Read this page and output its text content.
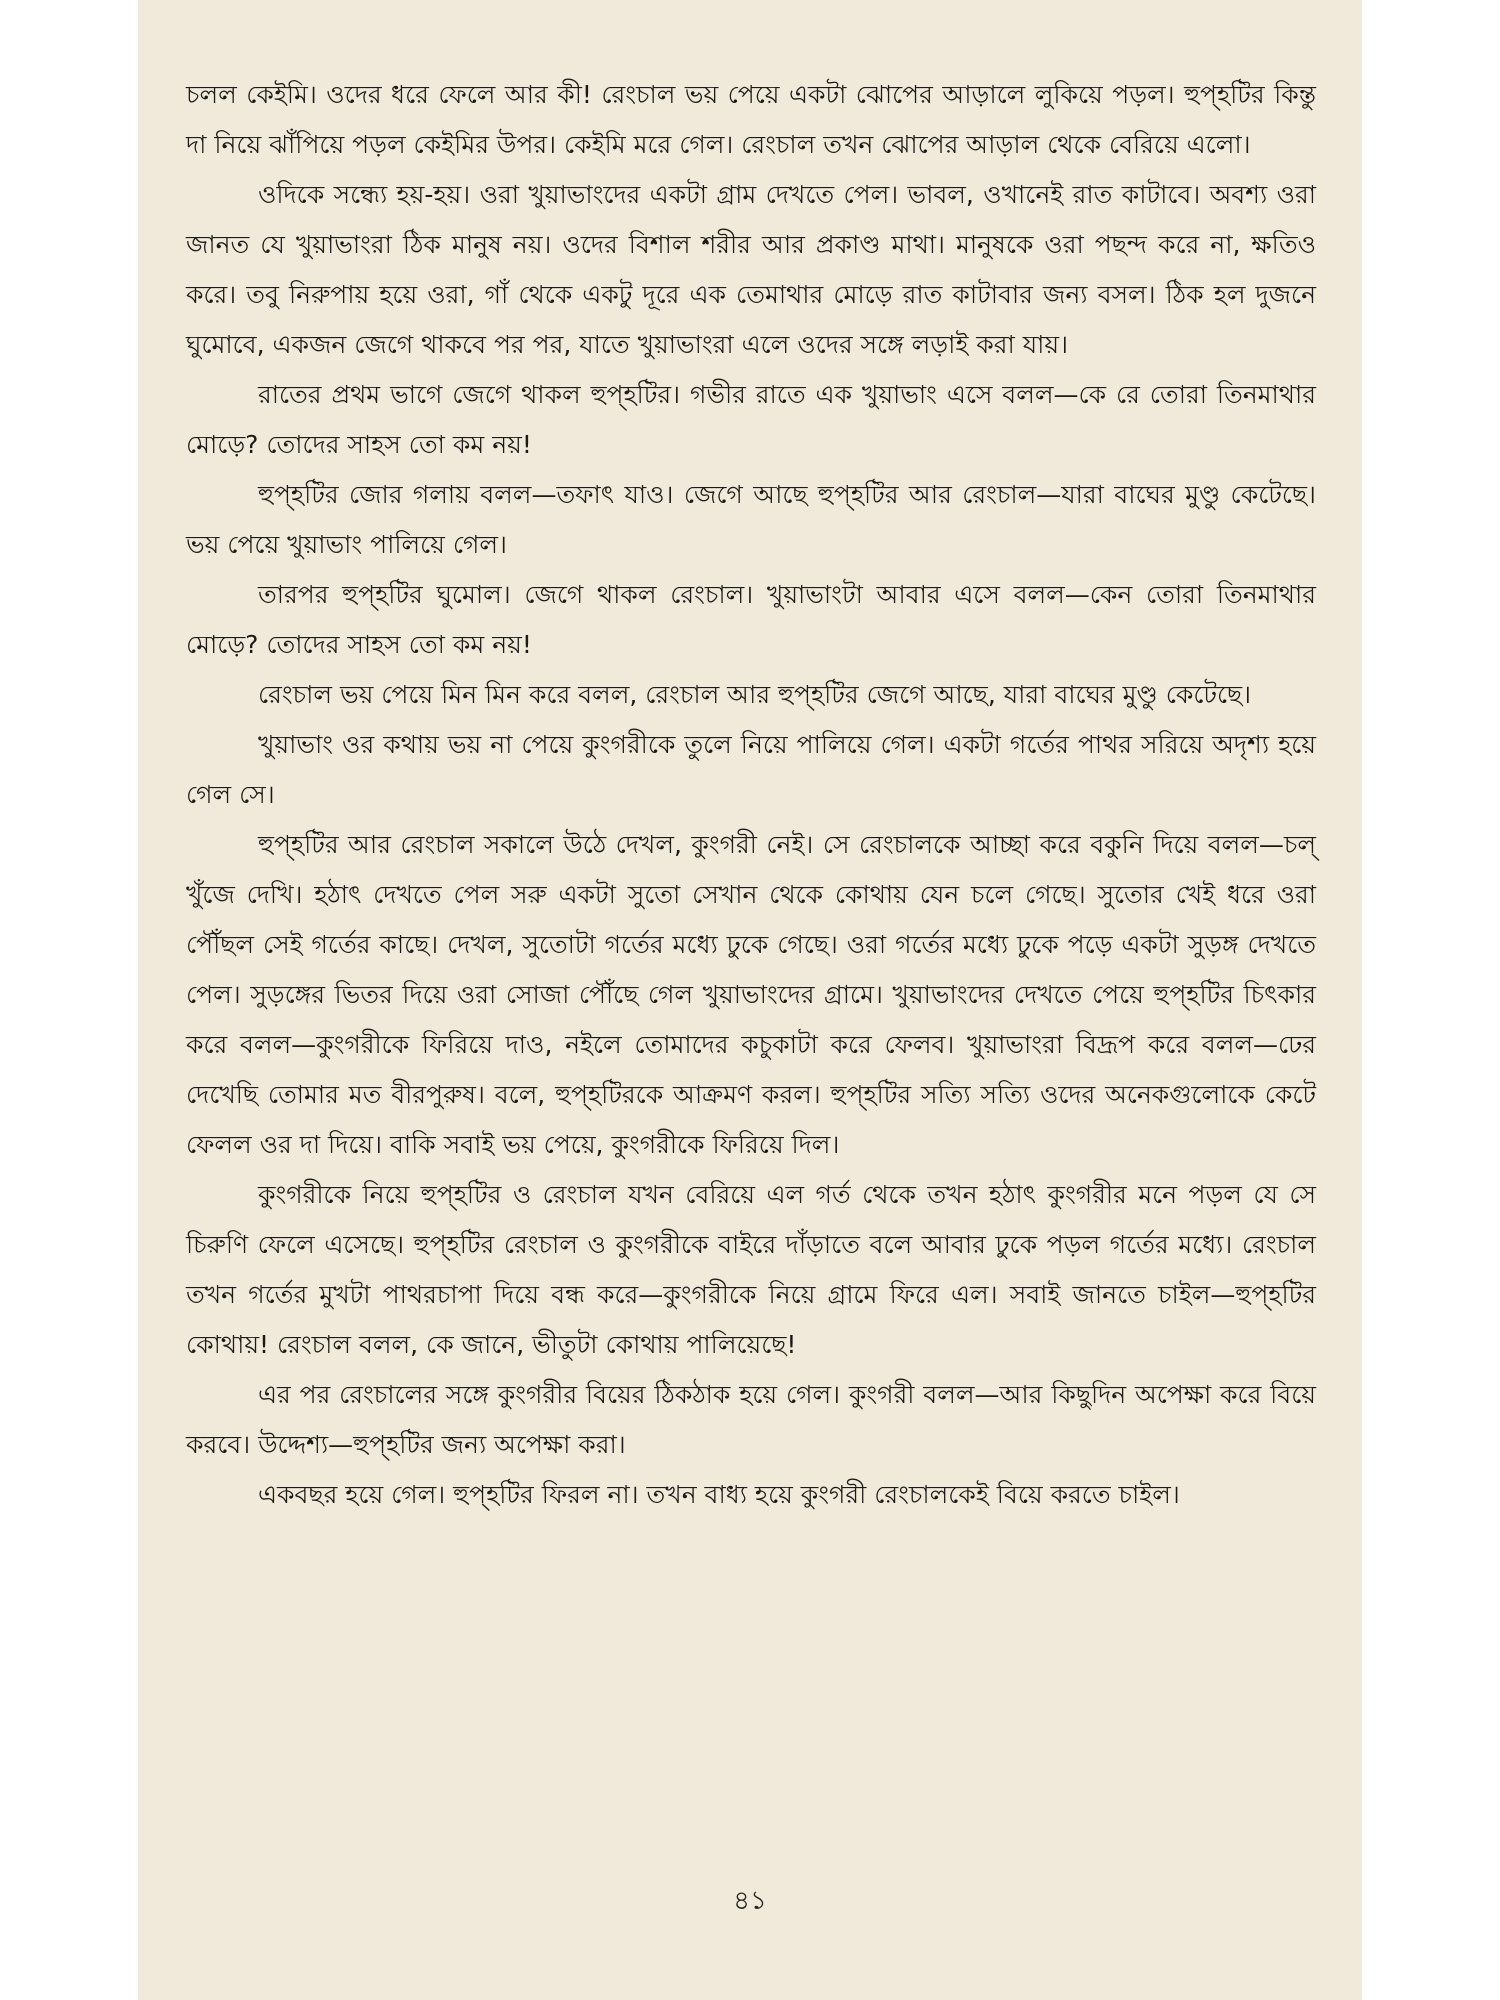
চলল কেইমি। ওদের ধরে ফেলে আর কী! রেংচাল ভয় পেয়ে একটা ঝোপের আড়ালে লুকিয়ে পড়ল। হুপ্‌হটির কিন্তু দা নিয়ে ঝাঁপিয়ে পড়ল কেইমির উপর। কেইমি মরে গেল। রেংচাল তখন ঝোপের আড়াল থেকে বেরিয়ে এলো।

ওদিকে সন্ধ্যে হয়-হয়। ওরা খুয়াভাংদের একটা গ্রাম দেখতে পেল। ভাবল, ওখানেই রাত কাটাবে। অবশ্য ওরা জানত যে খুয়াভাংরা ঠিক মানুষ নয়। ওদের বিশাল শরীর আর প্রকাণ্ড মাথা। মানুষকে ওরা পছন্দ করে না, ক্ষতিও করে। তবু নিরুপায় হয়ে ওরা, গাঁ থেকে একটু দূরে এক তেমাথার মোড়ে রাত কাটাবার জন্য বসল। ঠিক হল দুজনে ঘুমোবে, একজন জেগে থাকবে পর পর, যাতে খুয়াভাংরা এলে ওদের সঙ্গে লড়াই করা যায়।

রাতের প্রথম ভাগে জেগে থাকল হুপ্‌হটির। গভীর রাতে এক খুয়াভাং এসে বলল—কে রে তোরা তিনমাথার মোড়ে? তোদের সাহস তো কম নয়!

হুপ্‌হটির জোর গলায় বলল—তফাৎ যাও। জেগে আছে হুপ্‌হটির আর রেংচাল—যারা বাঘের মুণ্ডু কেটেছে। ভয় পেয়ে খুয়াভাং পালিয়ে গেল।

তারপর হুপ্‌হটির ঘুমোল। জেগে থাকল রেংচাল। খুয়াভাংটা আবার এসে বলল—কেন তোরা তিনমাথার মোড়ে? তোদের সাহস তো কম নয়!

রেংচাল ভয় পেয়ে মিন মিন করে বলল, রেংচাল আর হুপ্‌হটির জেগে আছে, যারা বাঘের মুণ্ডু কেটেছে।

খুয়াভাং ওর কথায় ভয় না পেয়ে কুংগরীকে তুলে নিয়ে পালিয়ে গেল। একটা গর্তের পাথর সরিয়ে অদৃশ্য হয়ে গেল সে।

হুপ্‌হটির আর রেংচাল সকালে উঠে দেখল, কুংগরী নেই। সে রেংচালকে আচ্ছা করে বকুনি দিয়ে বলল—চল্ খুঁজে দেখি। হঠাৎ দেখতে পেল সরু একটা সুতো সেখান থেকে কোথায় যেন চলে গেছে। সুতোর খেই ধরে ওরা পৌঁছল সেই গর্তের কাছে। দেখল, সুতোটা গর্তের মধ্যে ঢুকে গেছে। ওরা গর্তের মধ্যে ঢুকে পড়ে একটা সুড়ঙ্গ দেখতে পেল। সুড়ঙ্গের ভিতর দিয়ে ওরা সোজা পৌঁছে গেল খুয়াভাংদের গ্রামে। খুয়াভাংদের দেখতে পেয়ে হুপ্‌হটির চিৎকার করে বলল—কুংগরীকে ফিরিয়ে দাও, নইলে তোমাদের কচুকাটা করে ফেলব। খুয়াভাংরা বিদ্রূপ করে বলল—ঢের দেখেছি তোমার মত বীরপুরুষ। বলে, হুপ্‌হটিরকে আক্রমণ করল। হুপ্‌হটির সত্যি সত্যি ওদের অনেকগুলোকে কেটে ফেলল ওর দা দিয়ে। বাকি সবাই ভয় পেয়ে, কুংগরীকে ফিরিয়ে দিল।

কুংগরীকে নিয়ে হুপ্‌হটির ও রেংচাল যখন বেরিয়ে এল গর্ত থেকে তখন হঠাৎ কুংগরীর মনে পড়ল যে সে চিরুণি ফেলে এসেছে। হুপ্‌হটির রেংচাল ও কুংগরীকে বাইরে দাঁড়াতে বলে আবার ঢুকে পড়ল গর্তের মধ্যে। রেংচাল তখন গর্তের মুখটা পাথরচাপা দিয়ে বন্ধ করে—কুংগরীকে নিয়ে গ্রামে ফিরে এল। সবাই জানতে চাইল—হুপ্‌হটির কোথায়! রেংচাল বলল, কে জানে, ভীতুটা কোথায় পালিয়েছে!

এর পর রেংচালের সঙ্গে কুংগরীর বিয়ের ঠিকঠাক হয়ে গেল। কুংগরী বলল—আর কিছুদিন অপেক্ষা করে বিয়ে করবে। উদ্দেশ্য—হুপ্‌হটির জন্য অপেক্ষা করা।

একবছর হয়ে গেল। হুপ্‌হটির ফিরল না। তখন বাধ্য হয়ে কুংগরী রেংচালকেই বিয়ে করতে চাইল।

৪১
